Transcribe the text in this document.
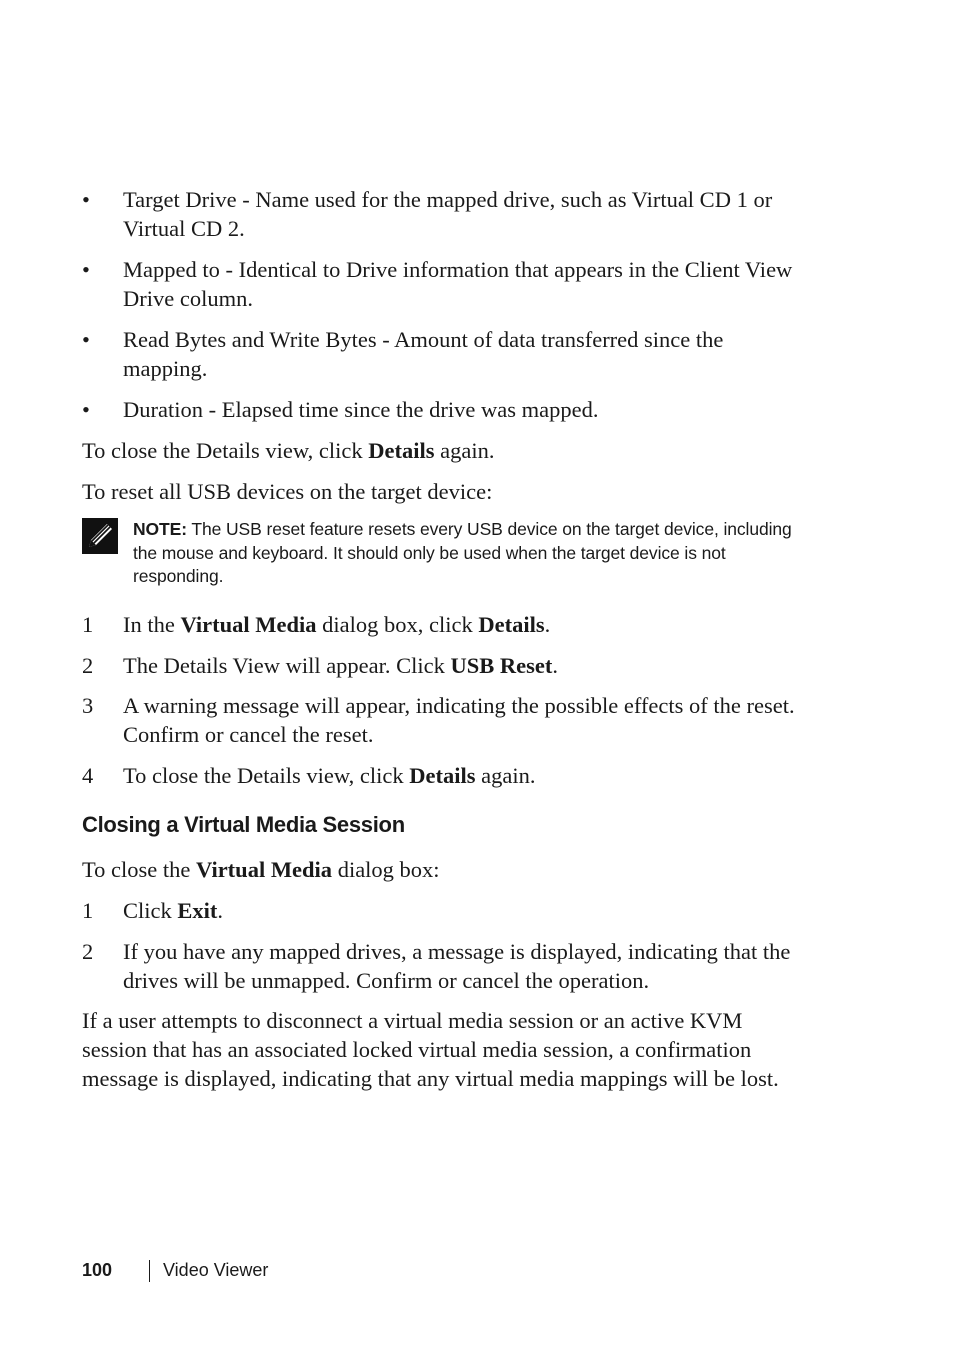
•	Target Drive - Name used for the mapped drive, such as Virtual CD 1 or
Virtual CD 2.
•	Mapped to - Identical to Drive information that appears in the Client View
Drive column.
•	Read Bytes and Write Bytes - Amount of data transferred since the
mapping.
•	Duration - Elapsed time since the drive was mapped.
To close the Details view, click Details again.
To reset all USB devices on the target device:
NOTE: The USB reset feature resets every USB device on the target device, including
the mouse and keyboard. It should only be used when the target device is not
responding.
1	In the Virtual Media dialog box, click Details.
2	The Details View will appear. Click USB Reset.
3	A warning message will appear, indicating the possible effects of the reset.
Confirm or cancel the reset.
4	To close the Details view, click Details again.
Closing a Virtual Media Session
To close the Virtual Media dialog box:
1	Click Exit.
2	If you have any mapped drives, a message is displayed, indicating that the
drives will be unmapped. Confirm or cancel the operation.
If a user attempts to disconnect a virtual media session or an active KVM
session that has an associated locked virtual media session, a confirmation
message is displayed, indicating that any virtual media mappings will be lost.
100	Video Viewer
